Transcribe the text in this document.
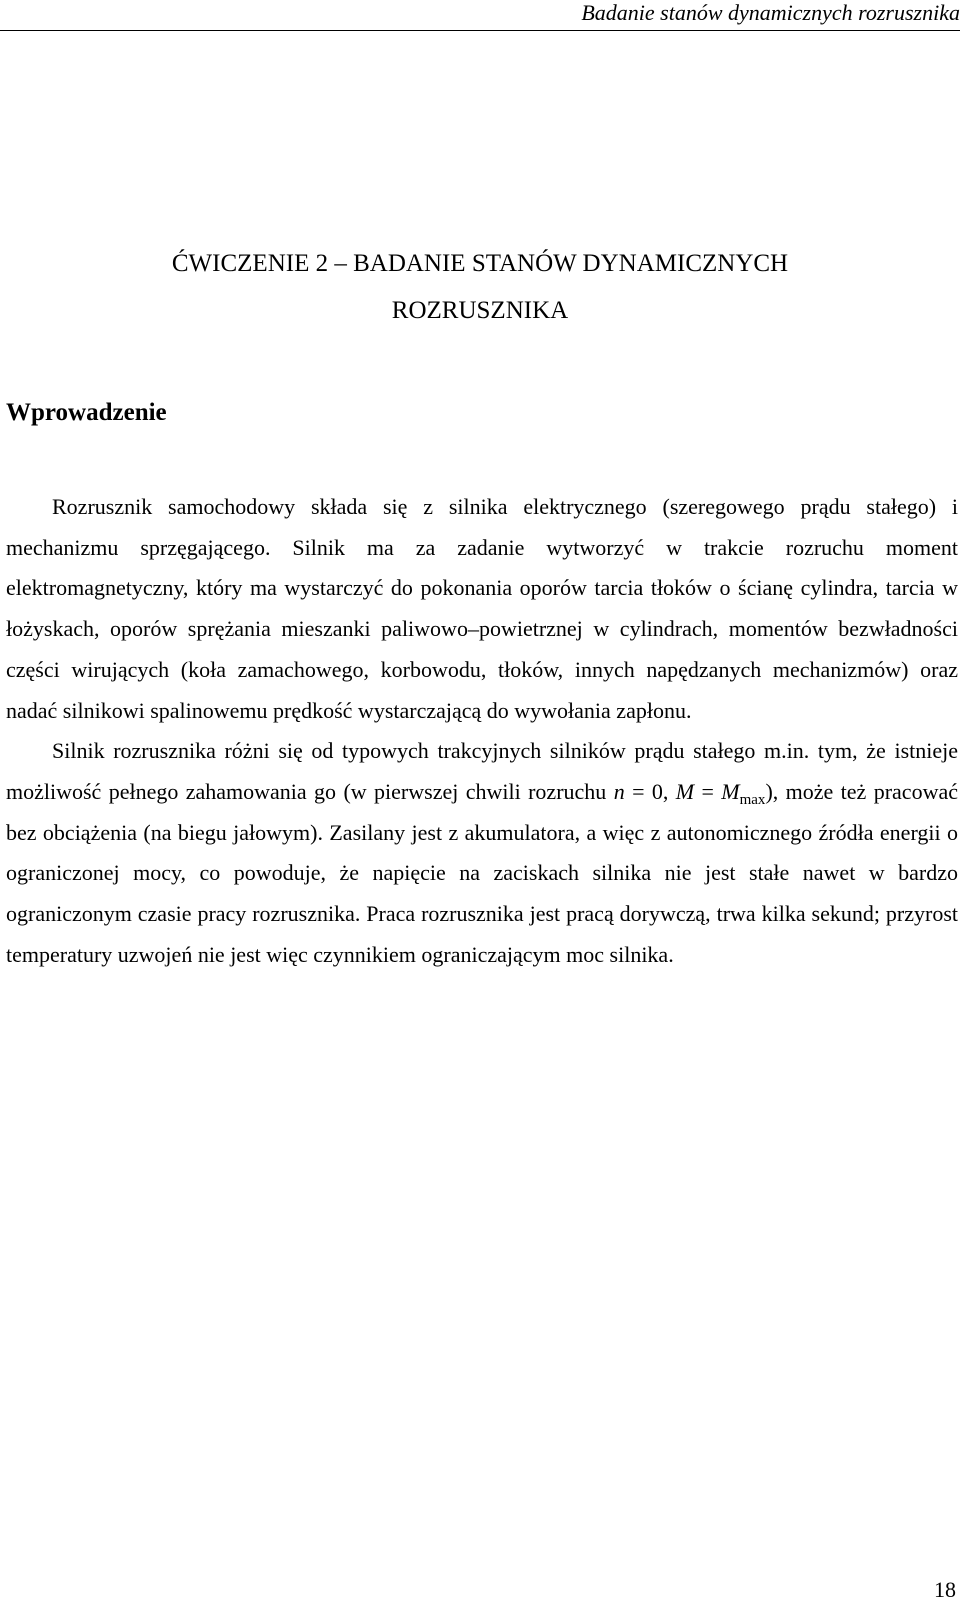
Badanie stanów dynamicznych rozrusznika
ĆWICZENIE 2 – BADANIE STANÓW DYNAMICZNYCH
ROZRUSZNIKA
Wprowadzenie

Rozrusznik samochodowy składa się z silnika elektrycznego (szeregowego prądu stałego) i mechanizmu sprzęgającego. Silnik ma za zadanie wytworzyć w trakcie rozruchu moment elektromagnetyczny, który ma wystarczyć do pokonania oporów tarcia tłoków o ścianę cylindra, tarcia w łożyskach, oporów sprężania mieszanki paliwowo–powietrznej w cylindrach, momentów bezwładności części wirujących (koła zamachowego, korbowodu, tłoków, innych napędzanych mechanizmów) oraz nadać silnikowi spalinowemu prędkość wystarczającą do wywołania zapłonu.

Silnik rozrusznika różni się od typowych trakcyjnych silników prądu stałego m.in. tym, że istnieje możliwość pełnego zahamowania go (w pierwszej chwili rozruchu n = 0, $M = M_{max}$), może też pracować bez obciążenia (na biegu jałowym). Zasilany jest z akumulatora, a więc z autonomicznego źródła energii o ograniczonej mocy, co powoduje, że napięcie na zaciskach silnika nie jest stałe nawet w bardzo ograniczonym czasie pracy rozrusznika. Praca rozrusznika jest pracą dorywczą, trwa kilka sekund; przyrost temperatury uzwojeń nie jest więc czynnikiem ograniczającym moc silnika.

18
